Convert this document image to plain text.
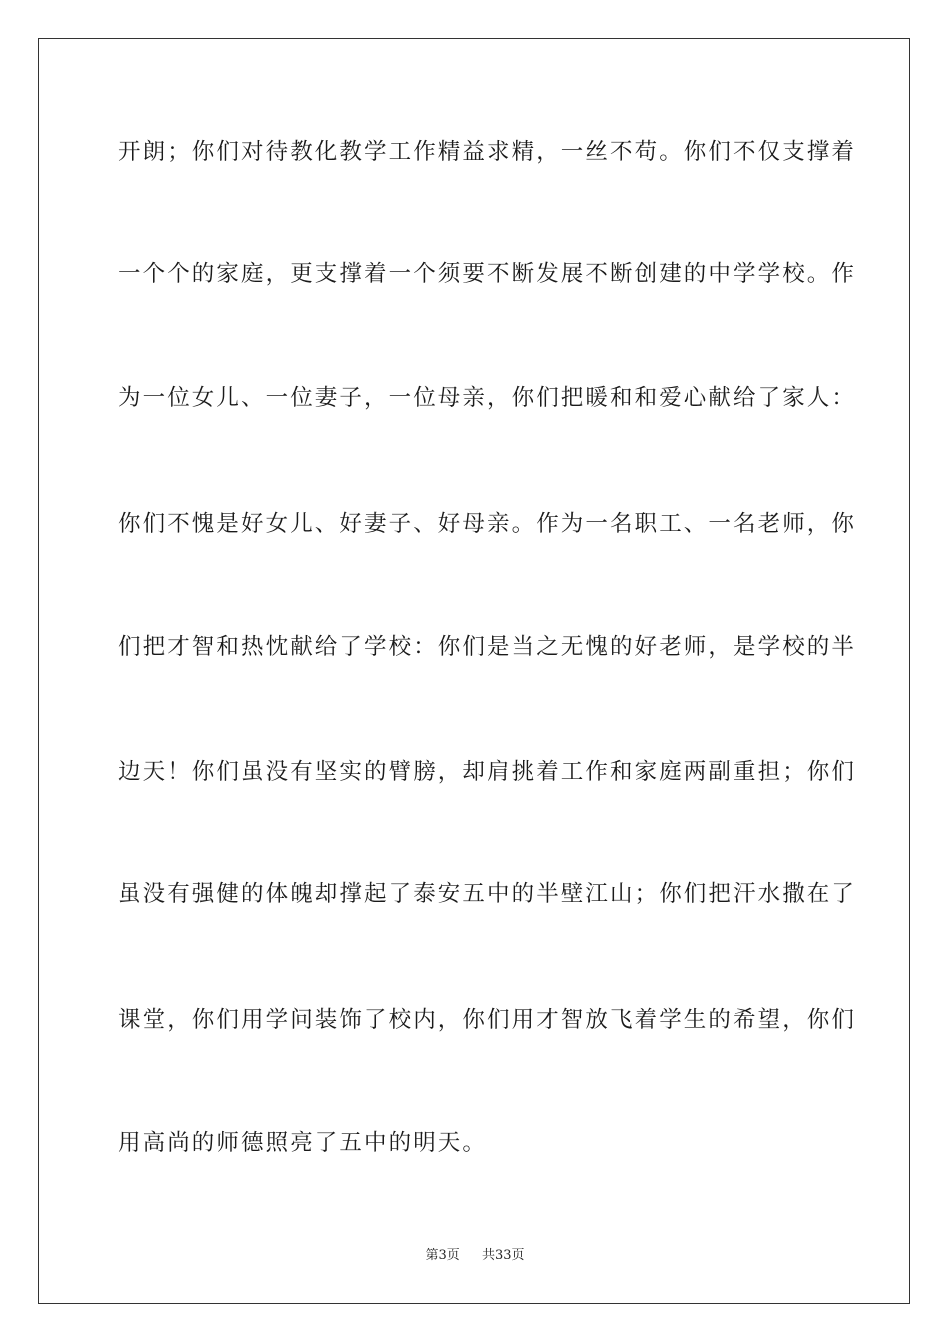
开朗；你们对待教化教学工作精益求精，一丝不苟。你们不仅支撑着
一个个的家庭，更支撑着一个须要不断发展不断创建的中学学校。作
为一位女儿、一位妻子，一位母亲，你们把暖和和爱心献给了家人：
你们不愧是好女儿、好妻子、好母亲。作为一名职工、一名老师，你
们把才智和热忱献给了学校：你们是当之无愧的好老师，是学校的半
边天！你们虽没有坚实的臂膀，却肩挑着工作和家庭两副重担；你们
虽没有强健的体魄却撑起了泰安五中的半壁江山；你们把汗水撒在了
课堂，你们用学问装饰了校内，你们用才智放飞着学生的希望，你们
用高尚的师德照亮了五中的明天。
第3页 共33页
